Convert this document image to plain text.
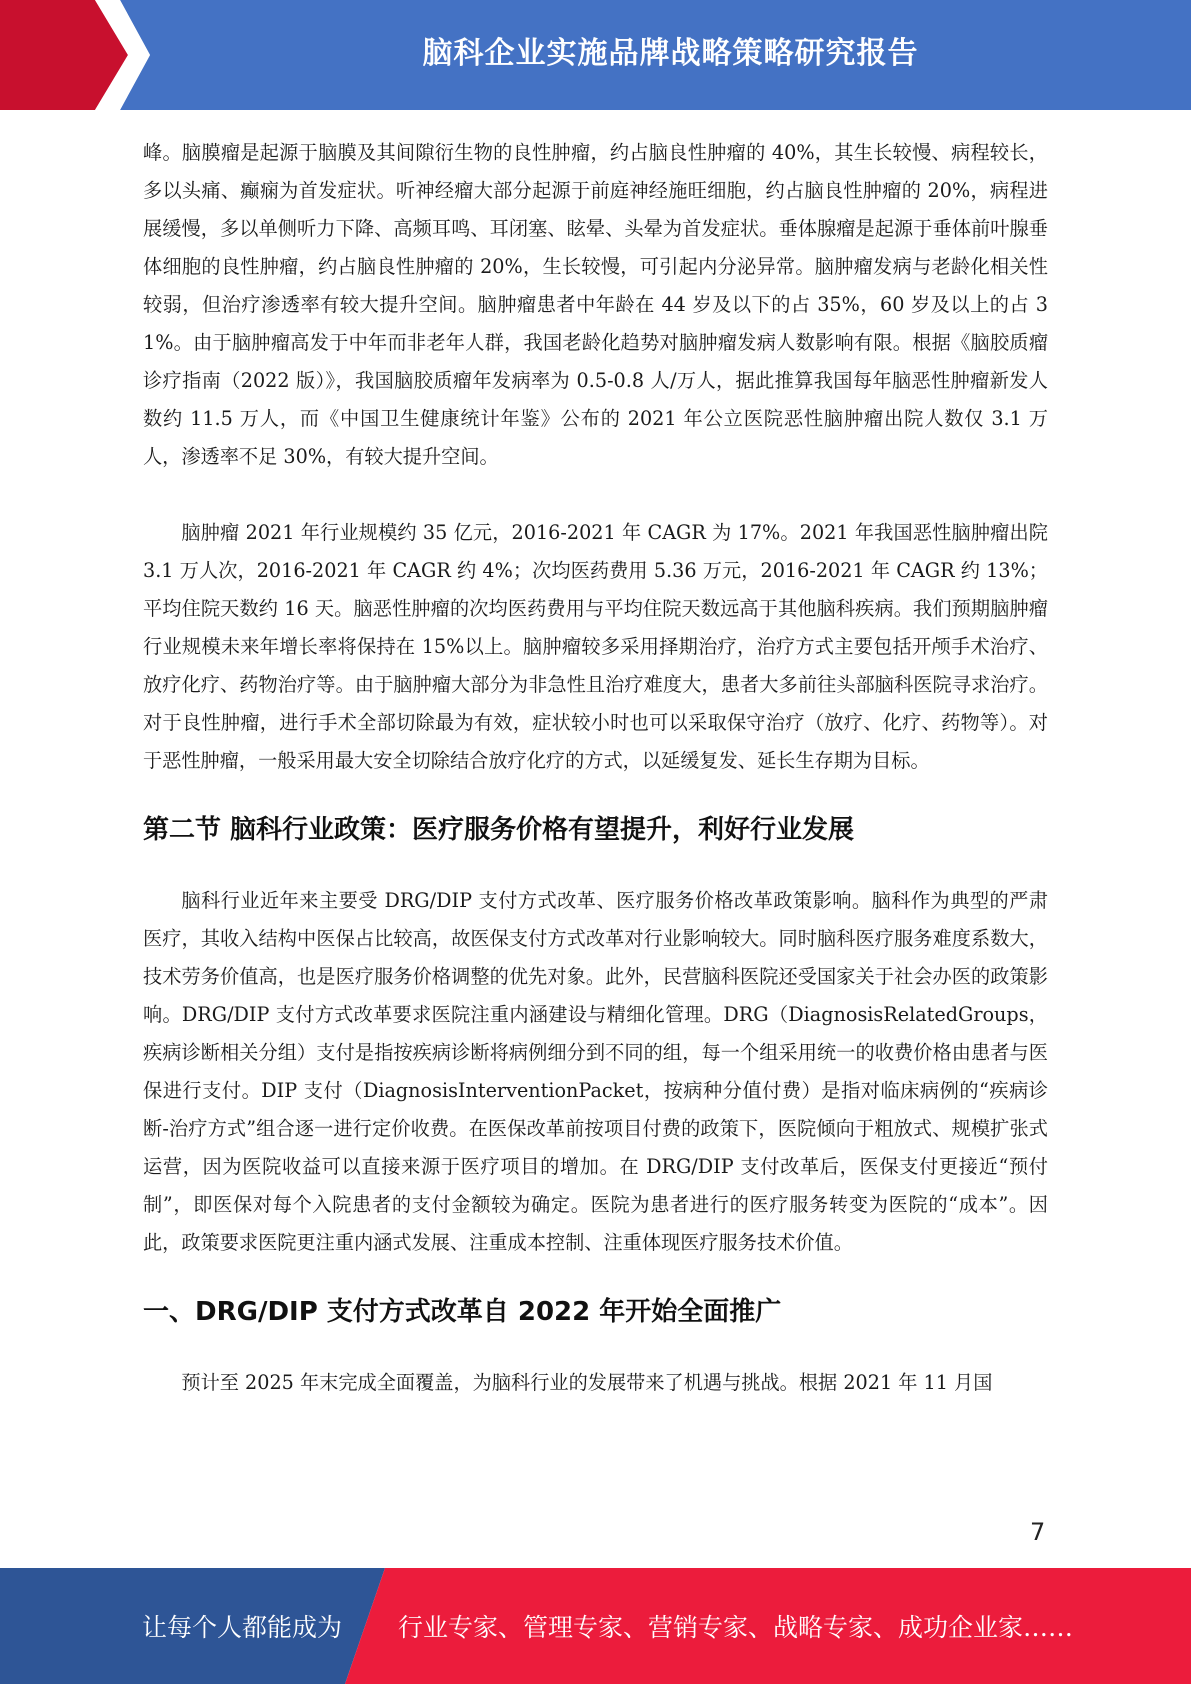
脑科企业实施品牌战略策略研究报告

峰。脑膜瘤是起源于脑膜及其间隙衍生物的良性肿瘤，约占脑良性肿瘤的 40%，其生长较慢、病程较长，多以头痛、癫痫为首发症状。听神经瘤大部分起源于前庭神经施旺细胞，约占脑良性肿瘤的 20%，病程进展缓慢，多以单侧听力下降、高频耳鸣、耳闭塞、眩晕、头晕为首发症状。垂体腺瘤是起源于垂体前叶腺垂体细胞的良性肿瘤，约占脑良性肿瘤的 20%，生长较慢，可引起内分泌异常。脑肿瘤发病与老龄化相关性较弱，但治疗渗透率有较大提升空间。脑肿瘤患者中年龄在 44 岁及以下的占 35%，60 岁及以上的占 31%。由于脑肿瘤高发于中年而非老年人群，我国老龄化趋势对脑肿瘤发病人数影响有限。根据《脑胶质瘤诊疗指南（2022 版）》，我国脑胶质瘤年发病率为 0.5-0.8 人/万人，据此推算我国每年脑恶性肿瘤新发人数约 11.5 万人，而《中国卫生健康统计年鉴》公布的 2021 年公立医院恶性脑肿瘤出院人数仅 3.1 万人，渗透率不足 30%，有较大提升空间。

脑肿瘤 2021 年行业规模约 35 亿元，2016-2021 年 CAGR 为 17%。2021 年我国恶性脑肿瘤出院 3.1 万人次，2016-2021 年 CAGR 约 4%；次均医药费用 5.36 万元，2016-2021 年 CAGR 约 13%；平均住院天数约 16 天。脑恶性肿瘤的次均医药费用与平均住院天数远高于其他脑科疾病。我们预期脑肿瘤行业规模未来年增长率将保持在 15%以上。脑肿瘤较多采用择期治疗，治疗方式主要包括开颅手术治疗、放疗化疗、药物治疗等。由于脑肿瘤大部分为非急性且治疗难度大，患者大多前往头部脑科医院寻求治疗。对于良性肿瘤，进行手术全部切除最为有效，症状较小时也可以采取保守治疗（放疗、化疗、药物等）。对于恶性肿瘤，一般采用最大安全切除结合放疗化疗的方式，以延缓复发、延长生存期为目标。

第二节 脑科行业政策：医疗服务价格有望提升，利好行业发展

脑科行业近年来主要受 DRG/DIP 支付方式改革、医疗服务价格改革政策影响。脑科作为典型的严肃医疗，其收入结构中医保占比较高，故医保支付方式改革对行业影响较大。同时脑科医疗服务难度系数大，技术劳务价值高，也是医疗服务价格调整的优先对象。此外，民营脑科医院还受国家关于社会办医的政策影响。DRG/DIP 支付方式改革要求医院注重内涵建设与精细化管理。DRG（DiagnosisRelatedGroups，疾病诊断相关分组）支付是指按疾病诊断将病例细分到不同的组，每一个组采用统一的收费价格由患者与医保进行支付。DIP 支付（DiagnosisInterventionPacket，按病种分值付费）是指对临床病例的“疾病诊断-治疗方式”组合逐一进行定价收费。在医保改革前按项目付费的政策下，医院倾向于粗放式、规模扩张式运营，因为医院收益可以直接来源于医疗项目的增加。在 DRG/DIP 支付改革后，医保支付更接近“预付制”，即医保对每个入院患者的支付金额较为确定。医院为患者进行的医疗服务转变为医院的“成本”。因此，政策要求医院更注重内涵式发展、注重成本控制、注重体现医疗服务技术价值。

一、DRG/DIP 支付方式改革自 2022 年开始全面推广

预计至 2025 年末完成全面覆盖，为脑科行业的发展带来了机遇与挑战。根据 2021 年 11 月国

7
让每个人都能成为 行业专家、管理专家、营销专家、战略专家、成功企业家……
